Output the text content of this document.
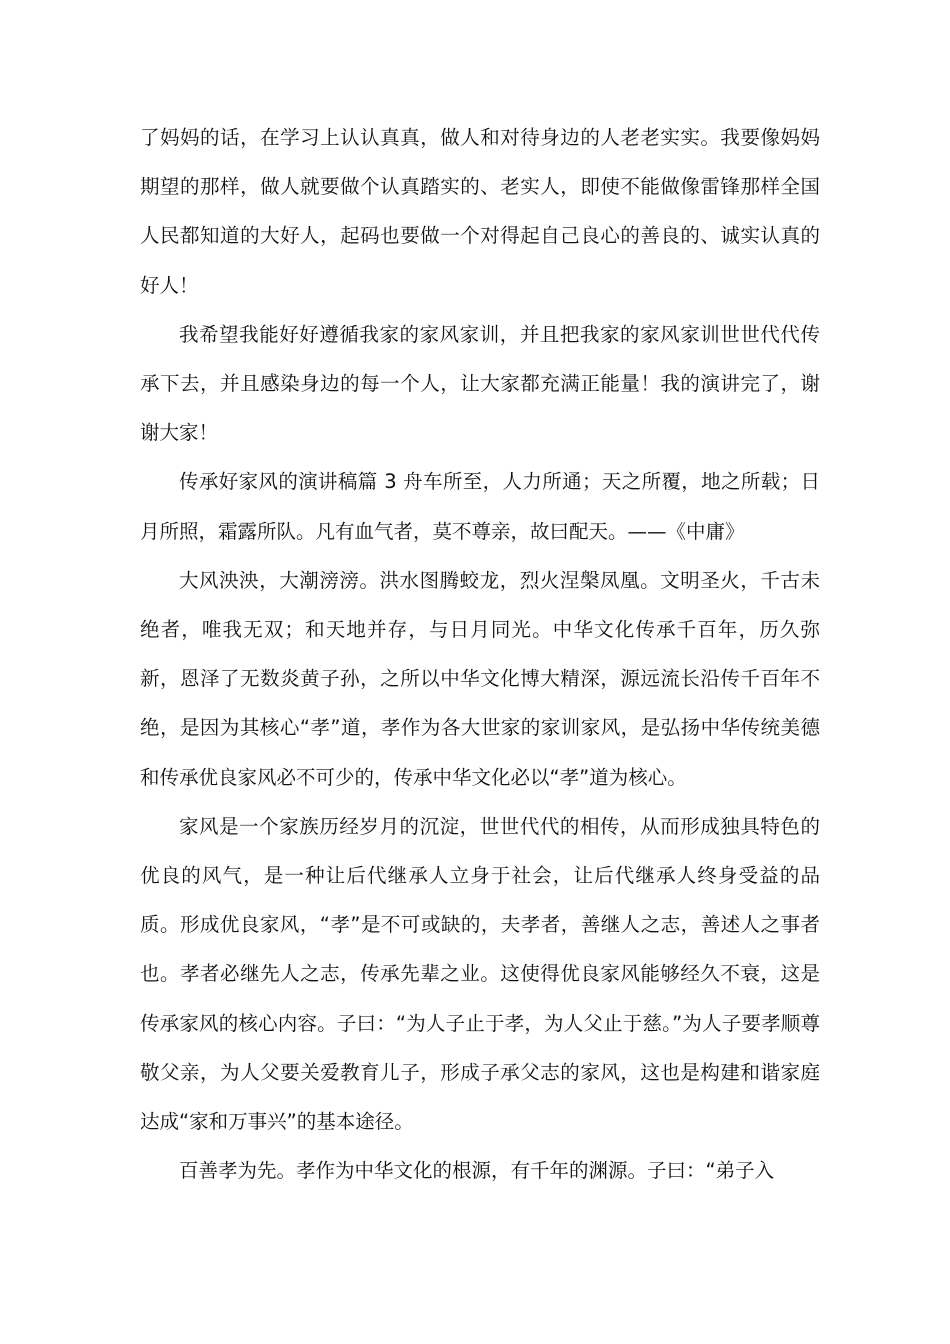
了妈妈的话，在学习上认认真真，做人和对待身边的人老老实实。我要像妈妈期望的那样，做人就要做个认真踏实的、老实人，即使不能做像雷锋那样全国人民都知道的大好人，起码也要做一个对得起自己良心的善良的、诚实认真的好人！

我希望我能好好遵循我家的家风家训，并且把我家的家风家训世世代代传承下去，并且感染身边的每一个人，让大家都充满正能量！我的演讲完了，谢谢大家！

传承好家风的演讲稿篇 3 舟车所至，人力所通；天之所覆，地之所载；日月所照，霜露所队。凡有血气者，莫不尊亲，故曰配天。——《中庸》

大风泱泱，大潮滂滂。洪水图腾蛟龙，烈火涅槃凤凰。文明圣火，千古未绝者，唯我无双；和天地并存，与日月同光。中华文化传承千百年，历久弥新，恩泽了无数炎黄子孙，之所以中华文化博大精深，源远流长沿传千百年不绝，是因为其核心“孝”道，孝作为各大世家的家训家风，是弘扬中华传统美德和传承优良家风必不可少的，传承中华文化必以“孝”道为核心。

家风是一个家族历经岁月的沉淀，世世代代的相传，从而形成独具特色的优良的风气，是一种让后代继承人立身于社会，让后代继承人终身受益的品质。形成优良家风，“孝”是不可或缺的，夫孝者，善继人之志，善述人之事者也。孝者必继先人之志，传承先辈之业。这使得优良家风能够经久不衰，这是传承家风的核心内容。子曰：“为人子止于孝，为人父止于慈。”为人子要孝顺尊敬父亲，为人父要关爱教育儿子，形成子承父志的家风，这也是构建和谐家庭达成“家和万事兴”的基本途径。

百善孝为先。孝作为中华文化的根源，有千年的渊源。子曰：“弟子入
